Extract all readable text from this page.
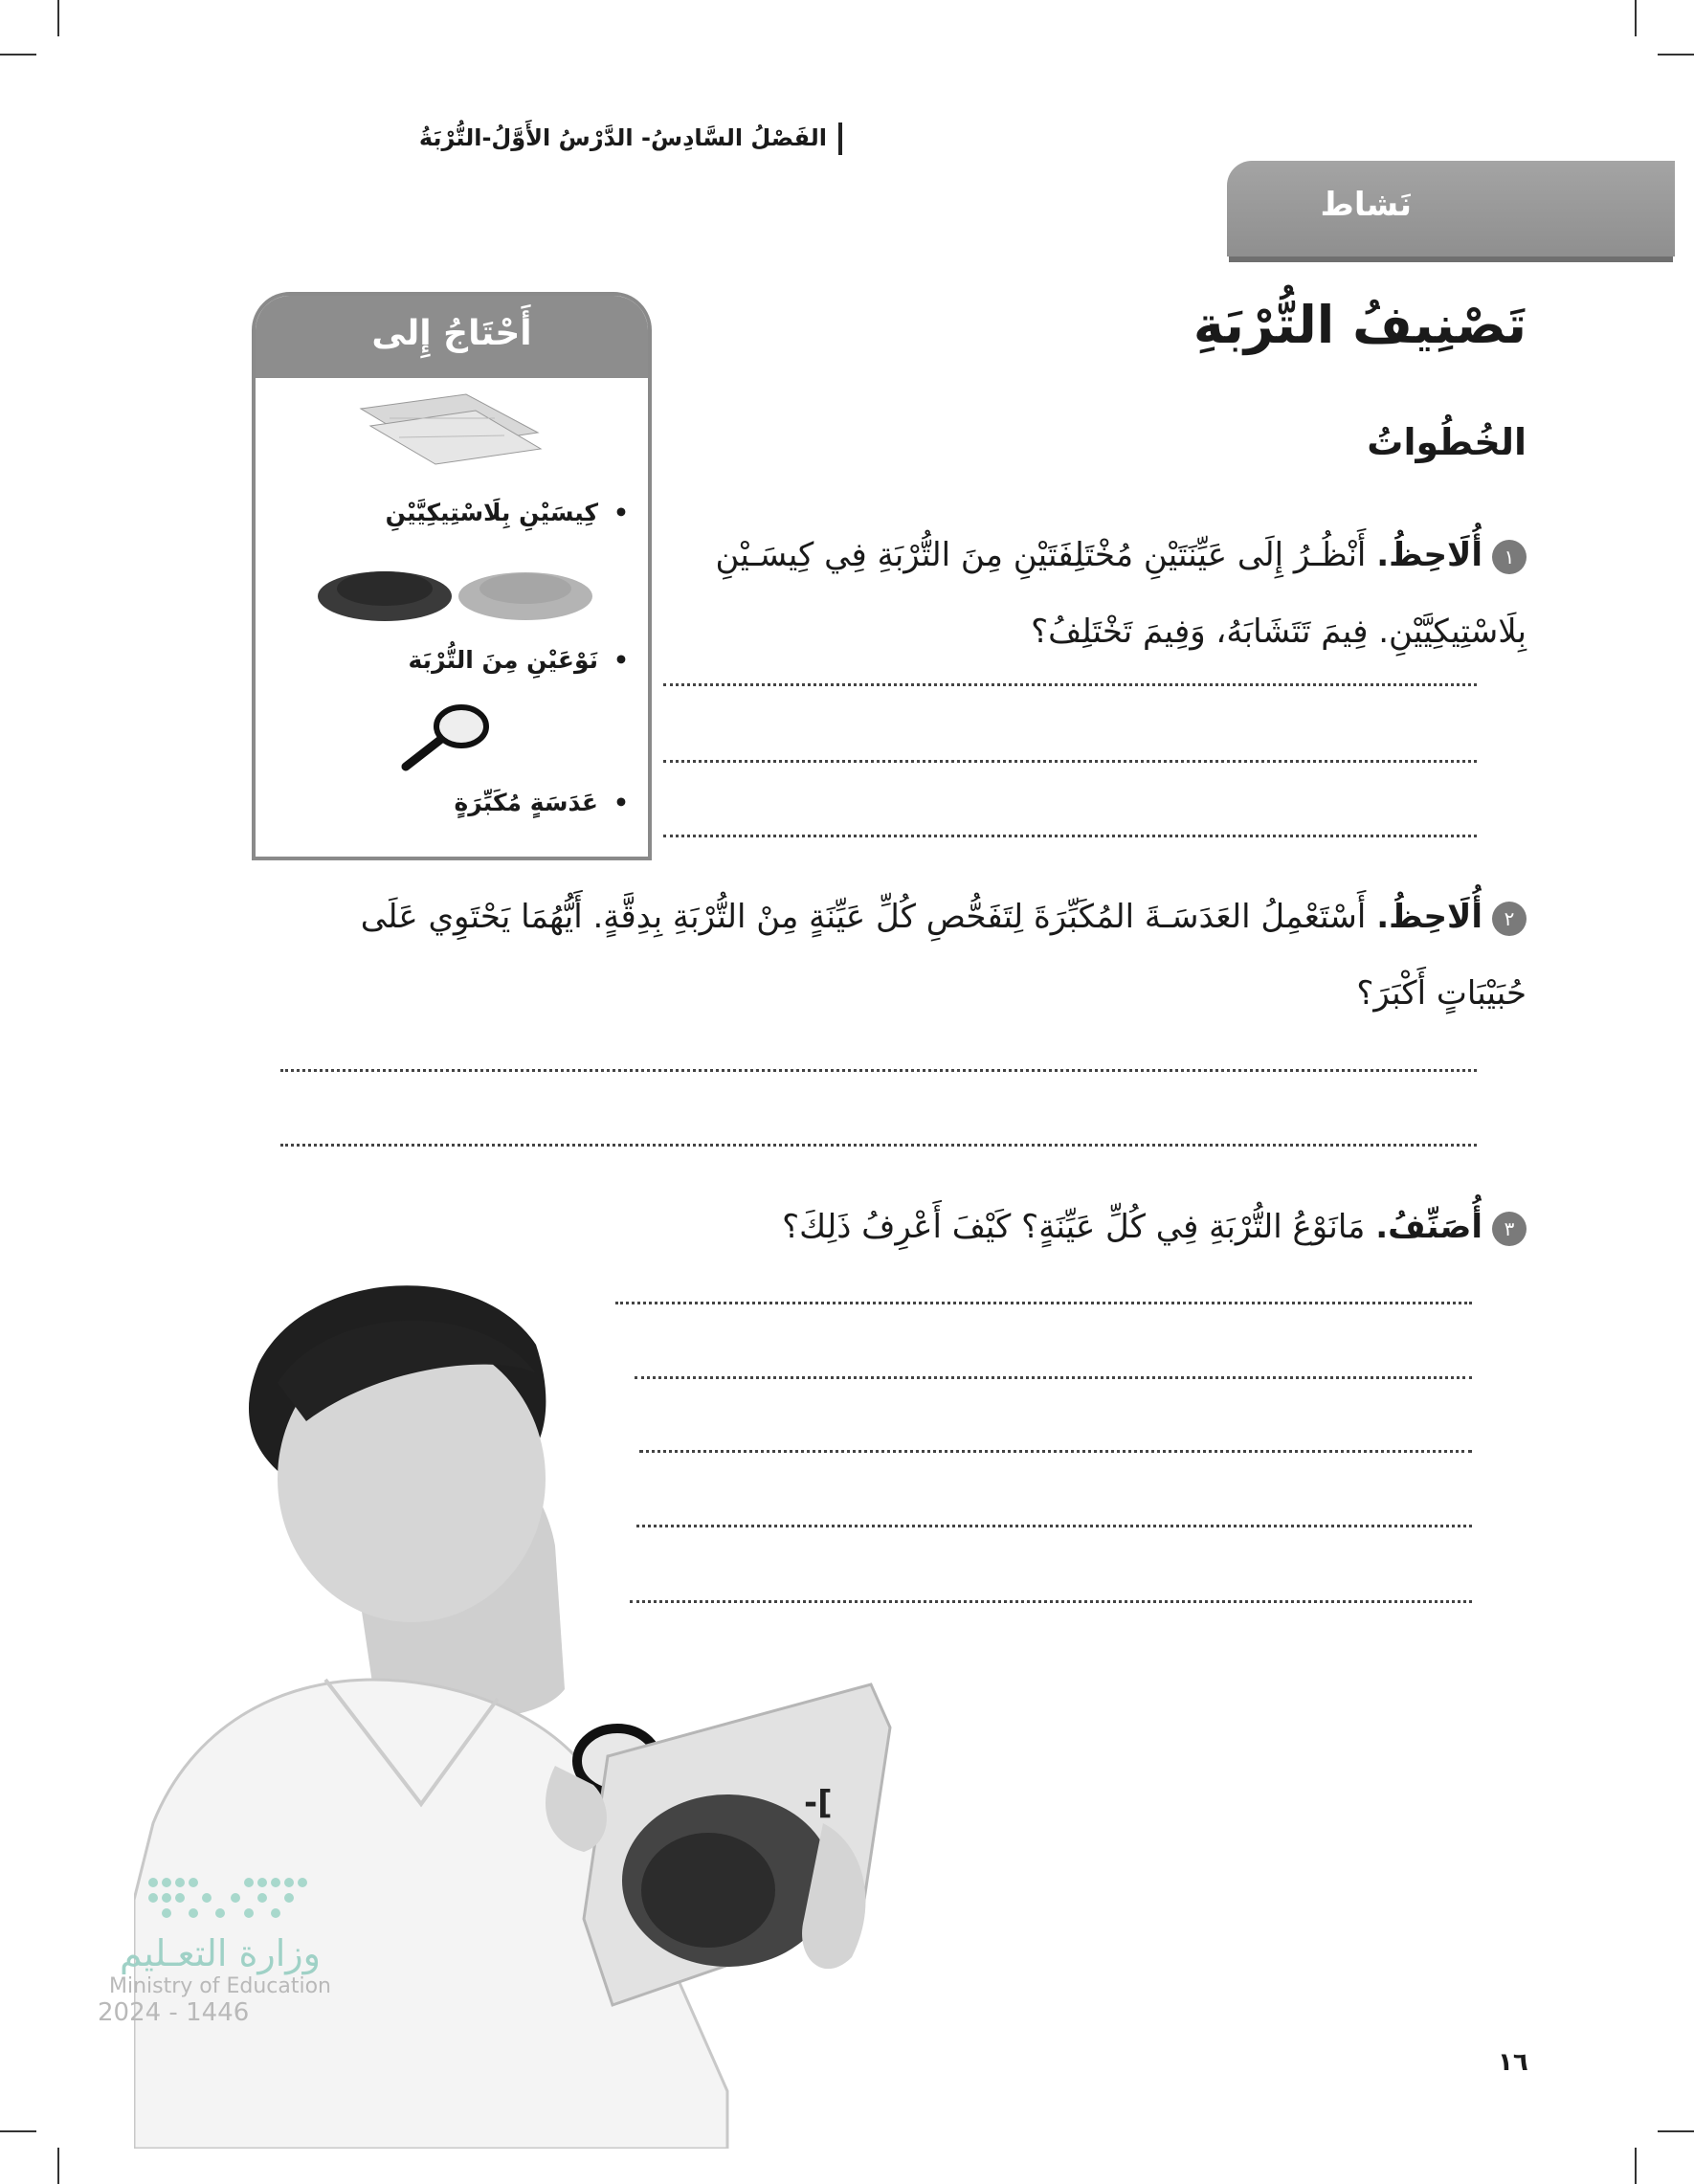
الفَصْلُ السَّادِسُ- الدَّرْسُ الأَوَّلُ-التُّرْبَةُ
نَشاط
تَصْنِيفُ التُّرْبَةِ
الخُطُواتُ
١أُلَاحِظُ. أَنْظُـرُ إِلَى عَيِّنَتَيْنِ مُخْتَلِفَتَيْنِ مِنَ التُّرْبَةِ فِي كِيسَـيْنِ بِلَاسْتِيكِيَّيْنِ. فِيمَ تَتَشَابَهُ، وَفِيمَ تَخْتَلِفُ؟
٢أُلَاحِظُ. أَسْتَعْمِلُ العَدَسَـةَ المُكَبِّرَةَ لِتَفَحُّصِ كُلِّ عَيِّنَةٍ مِنْ التُّرْبَةِ بِدِقَّةٍ. أَيُّهُمَا يَحْتَوِي عَلَى حُبَيْبَاتٍ أَكْبَرَ؟
٣أُصَنِّفُ. مَانَوْعُ التُّرْبَةِ فِي كُلِّ عَيِّنَةٍ؟ كَيْفَ أَعْرِفُ ذَلِكَ؟
أَحْتَاجُ إِلى
• كِيسَيْنِ بِلَاسْتِيكِيَّيْنِ
• نَوْعَيْنِ مِنَ التُّرْبَة
• عَدَسَةٍ مُكَبِّرَةٍ
-[
وزارة التعـليم
Ministry of Education
2024 - 1446
١٦
